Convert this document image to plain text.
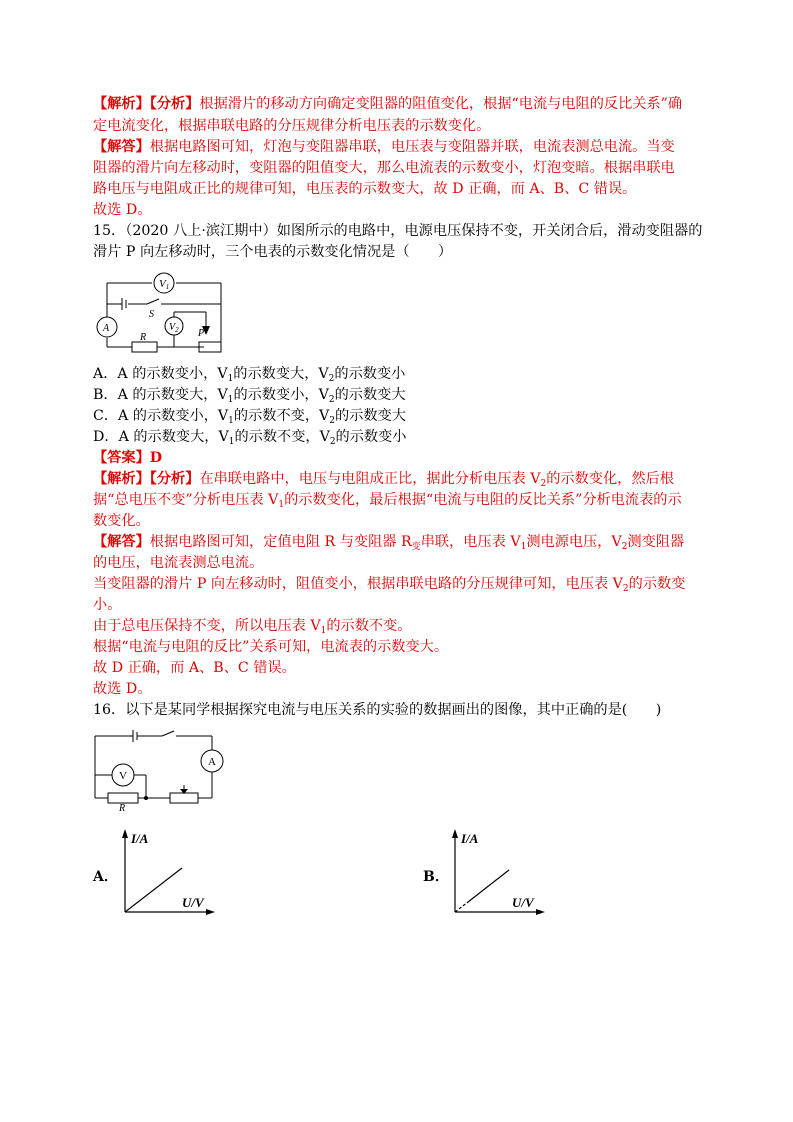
【解析】【分析】根据滑片的移动方向确定变阻器的阻值变化，根据“电流与电阻的反比关系”确
定电流变化，根据串联电路的分压规律分析电压表的示数变化。
【解答】根据电路图可知，灯泡与变阻器串联，电压表与变阻器并联，电流表测总电流。当变
阻器的滑片向左移动时，变阻器的阻值变大，那么电流表的示数变小，灯泡变暗。根据串联电
路电压与电阻成正比的规律可知，电压表的示数变大，故 D 正确，而 A、B、C 错误。
故选 D。
15．（2020 八上·滨江期中）如图所示的电路中，电源电压保持不变，开关闭合后，滑动变阻器的
滑片 P 向左移动时，三个电表的示数变化情况是（　　）
V1
$V_2$
A
S
R	P
A．A 的示数变小，$V_1$的示数变大，$V_2$的示数变小
B．A 的示数变大，$V_1$的示数变小，$V_2$的示数变大
C．A 的示数变小，$V_1$的示数不变，$V_2$的示数变大
D．A 的示数变大，$V_1$的示数不变，$V_2$的示数变小
【答案】D
【解析】【分析】在串联电路中，电压与电阻成正比，据此分析电压表 $V_2$的示数变化，然后根
据“总电压不变”分析电压表 $V_1$的示数变化，最后根据“电流与电阻的反比关系”分析电流表的示
数变化。
【解答】根据电路图可知，定值电阻 R 与变阻器 $R_变$串联，电压表 $V_1$测电源电压，$V_2$测变阻器
的电压，电流表测总电流。
当变阻器的滑片 P 向左移动时，阻值变小，根据串联电路的分压规律可知，电压表 $V_2$的示数变
小。
由于总电压保持不变，所以电压表 $V_1$的示数不变。
根据“电流与电阻的反比”关系可知，电流表的示数变大。
故 D 正确，而 A、B、C 错误。
故选 D。
16．以下是某同学根据探究电流与电压关系的实验的数据画出的图像，其中正确的是(　　)
V
A
R
A．
I/A
U/V
B．
I/A
U/V
